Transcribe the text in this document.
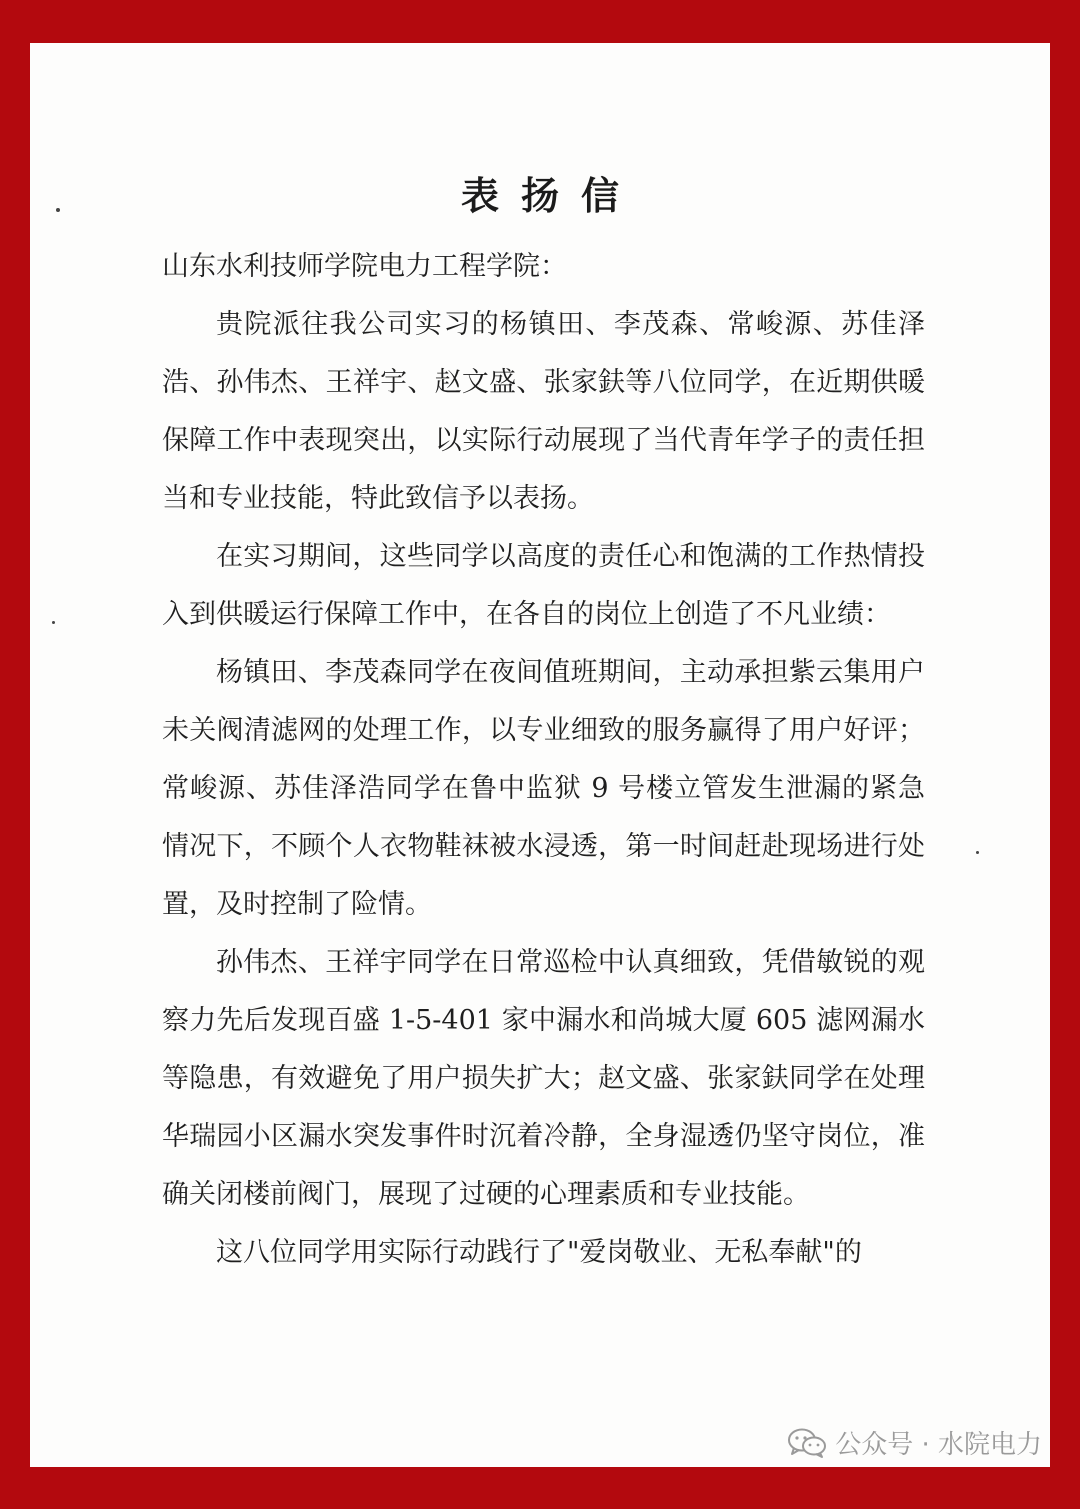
表扬信

山东水利技师学院电力工程学院：

贵院派往我公司实习的杨镇田、李茂森、常峻源、苏佳泽浩、孙伟杰、王祥宇、赵文盛、张家鈇等八位同学，在近期供暖保障工作中表现突出，以实际行动展现了当代青年学子的责任担当和专业技能，特此致信予以表扬。

在实习期间，这些同学以高度的责任心和饱满的工作热情投入到供暖运行保障工作中，在各自的岗位上创造了不凡业绩：

杨镇田、李茂森同学在夜间值班期间，主动承担紫云集用户未关阀清滤网的处理工作，以专业细致的服务赢得了用户好评；常峻源、苏佳泽浩同学在鲁中监狱 9 号楼立管发生泄漏的紧急情况下，不顾个人衣物鞋袜被水浸透，第一时间赶赴现场进行处置，及时控制了险情。

孙伟杰、王祥宇同学在日常巡检中认真细致，凭借敏锐的观察力先后发现百盛 1-5-401 家中漏水和尚城大厦 605 滤网漏水等隐患，有效避免了用户损失扩大；赵文盛、张家鈇同学在处理华瑞园小区漏水突发事件时沉着冷静，全身湿透仍坚守岗位，准确关闭楼前阀门，展现了过硬的心理素质和专业技能。

这八位同学用实际行动践行了"爱岗敬业、无私奉献"的

公众号 · 水院电力
